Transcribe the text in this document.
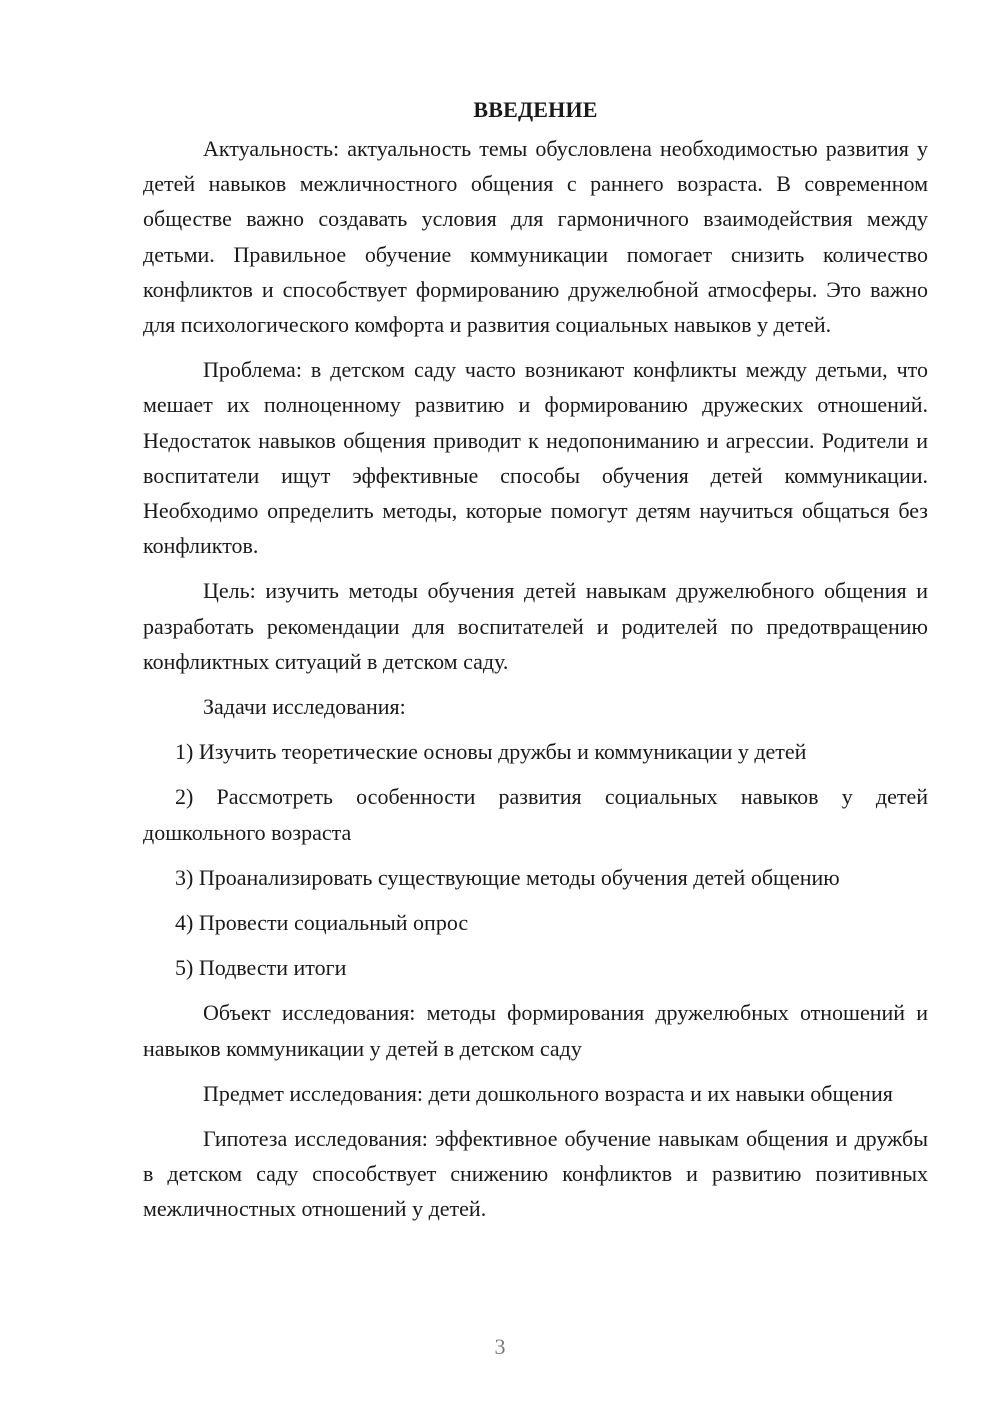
ВВЕДЕНИЕ

Актуальность: актуальность темы обусловлена необходимостью развития у детей навыков межличностного общения с раннего возраста. В современном обществе важно создавать условия для гармоничного взаимодействия между детьми. Правильное обучение коммуникации помогает снизить количество конфликтов и способствует формированию дружелюбной атмосферы. Это важно для психологического комфорта и развития социальных навыков у детей.

Проблема: в детском саду часто возникают конфликты между детьми, что мешает их полноценному развитию и формированию дружеских отношений. Недостаток навыков общения приводит к недопониманию и агрессии. Родители и воспитатели ищут эффективные способы обучения детей коммуникации. Необходимо определить методы, которые помогут детям научиться общаться без конфликтов.

Цель: изучить методы обучения детей навыкам дружелюбного общения и разработать рекомендации для воспитателей и родителей по предотвращению конфликтных ситуаций в детском саду.

Задачи исследования:

1) Изучить теоретические основы дружбы и коммуникации у детей

2) Рассмотреть особенности развития социальных навыков у детей дошкольного возраста

3) Проанализировать существующие методы обучения детей общению

4) Провести социальный опрос

5) Подвести итоги

Объект исследования: методы формирования дружелюбных отношений и навыков коммуникации у детей в детском саду

Предмет исследования: дети дошкольного возраста и их навыки общения

Гипотеза исследования: эффективное обучение навыкам общения и дружбы в детском саду способствует снижению конфликтов и развитию позитивных межличностных отношений у детей.

3
